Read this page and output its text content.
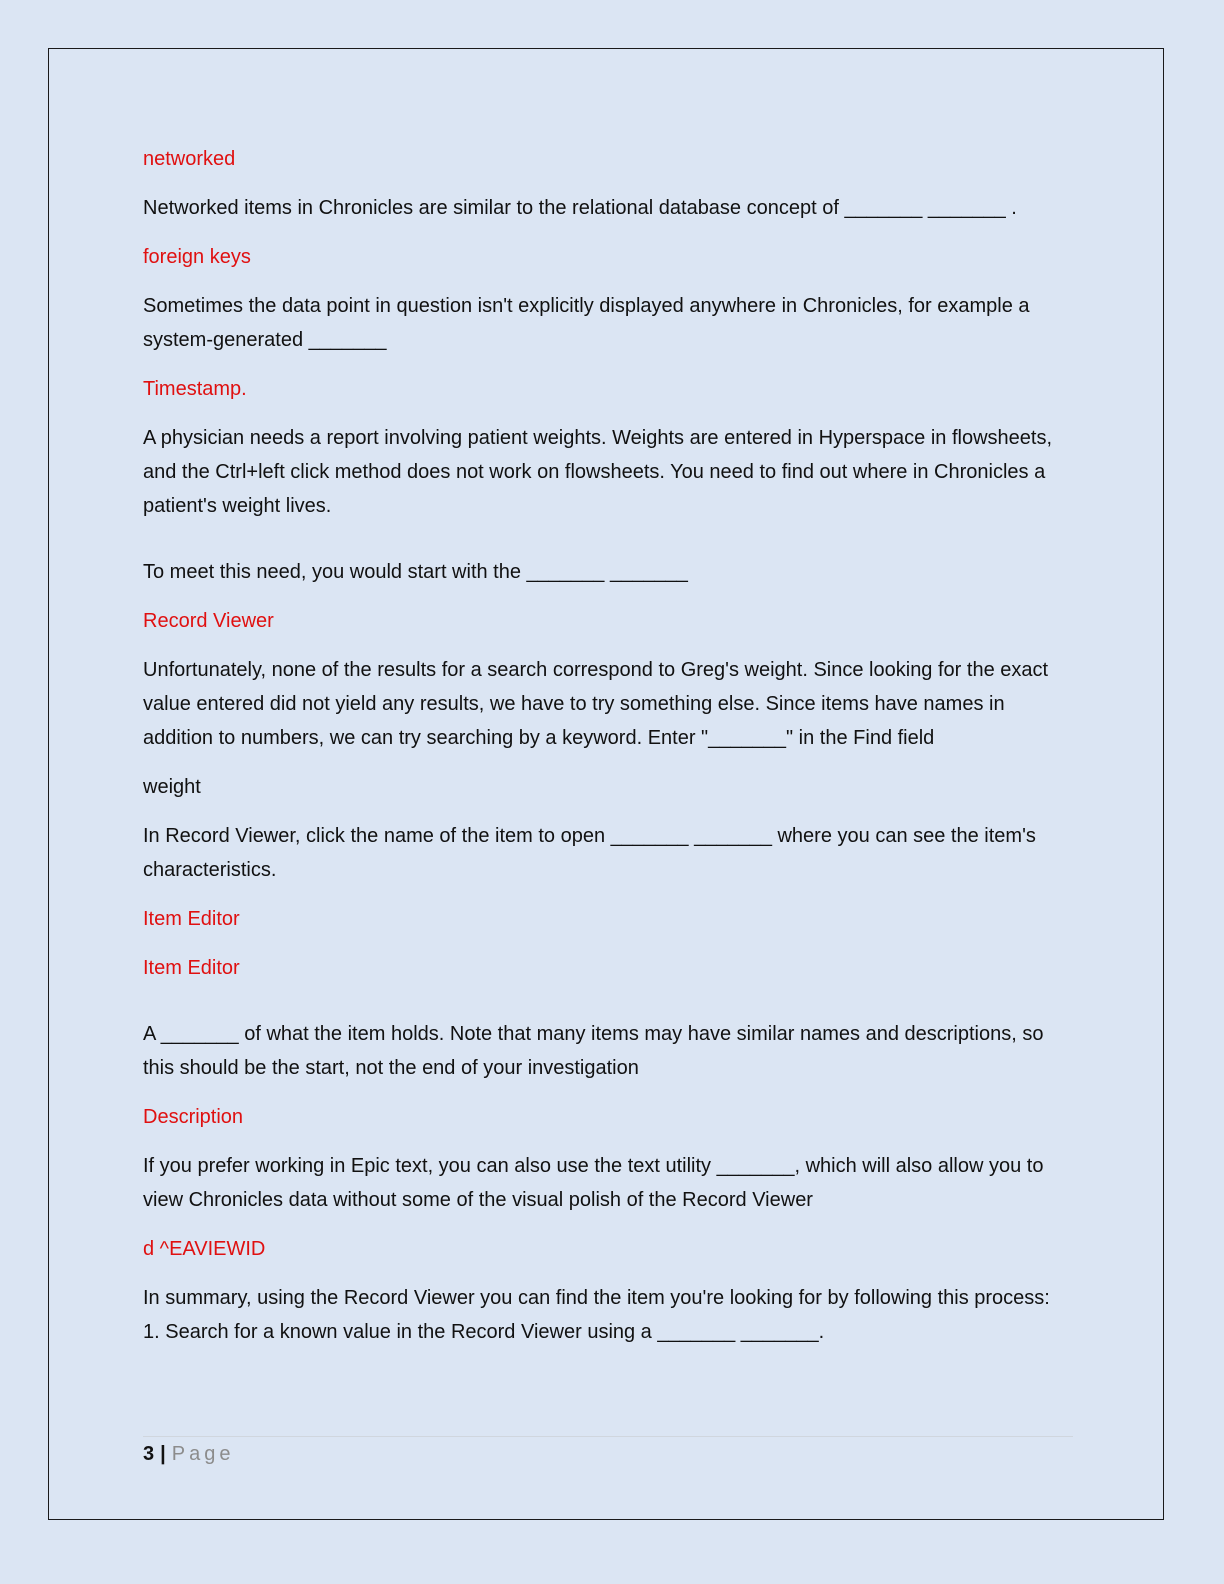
networked

Networked items in Chronicles are similar to the relational database concept of _______ _______ .

foreign keys

Sometimes the data point in question isn't explicitly displayed anywhere in Chronicles, for example a system-generated _______

Timestamp.

A physician needs a report involving patient weights. Weights are entered in Hyperspace in flowsheets, and the Ctrl+left click method does not work on flowsheets. You need to find out where in Chronicles a patient's weight lives.

To meet this need, you would start with the _______ _______

Record Viewer

Unfortunately, none of the results for a search correspond to Greg's weight. Since looking for the exact value entered did not yield any results, we have to try something else. Since items have names in addition to numbers, we can try searching by a keyword. Enter "_______" in the Find field

weight

In Record Viewer, click the name of the item to open _______ _______ where you can see the item's characteristics.

Item Editor

Item Editor

A _______ of what the item holds. Note that many items may have similar names and descriptions, so this should be the start, not the end of your investigation

Description

If you prefer working in Epic text, you can also use the text utility _______, which will also allow you to view Chronicles data without some of the visual polish of the Record Viewer

d ^EAVIEWID

In summary, using the Record Viewer you can find the item you're looking for by following this process:

1. Search for a known value in the Record Viewer using a _______ _______.

3 | Page
